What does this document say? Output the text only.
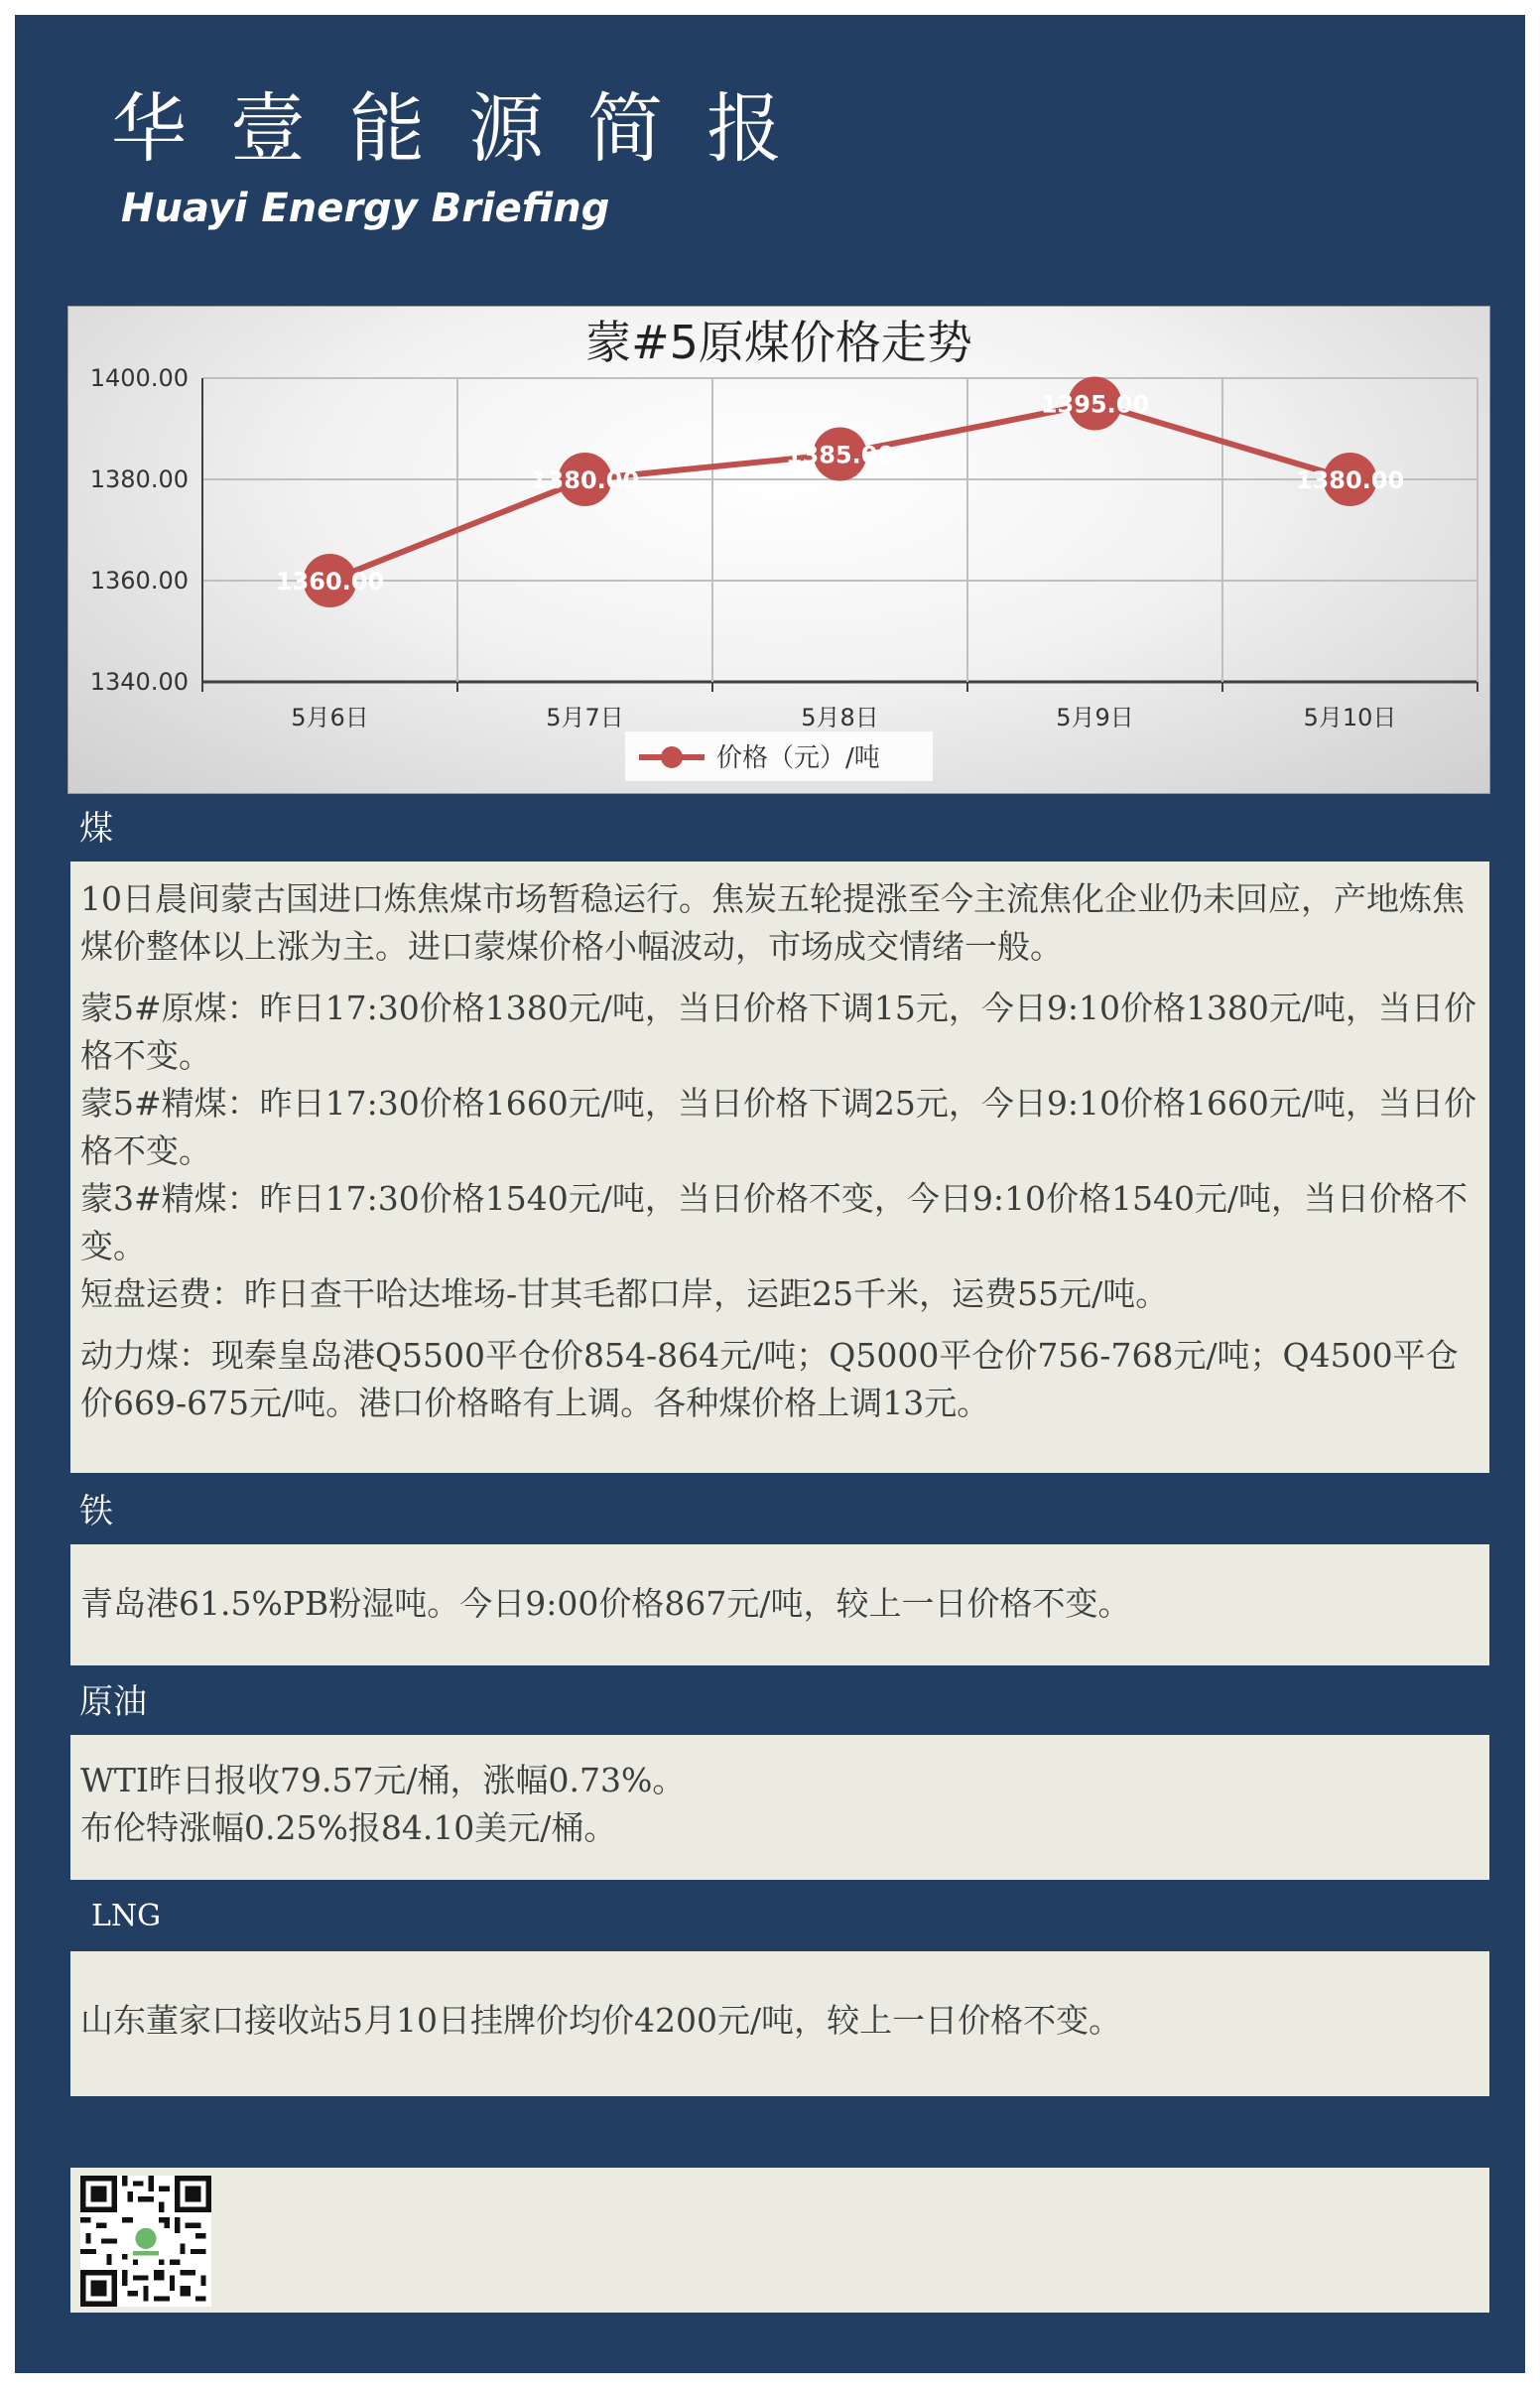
华壹能源简报
Huayi Energy Briefing
1340.00
1360.00
1380.00
1400.00
5月6日	5月7日	5月8日	5月9日	5月10日
蒙#5原煤价格走势
1360.00
1380.00
1385.00
1395.00
1380.00
价格（元）/吨
煤

10日晨间蒙古国进口炼焦煤市场暂稳运行。焦炭五轮提涨至今主流焦化企业仍未回应，产地炼焦煤价整体以上涨为主。进口蒙煤价格小幅波动，市场成交情绪一般。

蒙5#原煤：昨日17:30价格1380元/吨，当日价格下调15元，今日9:10价格1380元/吨，当日价格不变。

蒙5#精煤：昨日17:30价格1660元/吨，当日价格下调25元，今日9:10价格1660元/吨，当日价格不变。

蒙3#精煤：昨日17:30价格1540元/吨，当日价格不变，今日9:10价格1540元/吨，当日价格不变。

短盘运费：昨日查干哈达堆场-甘其毛都口岸，运距25千米，运费55元/吨。

动力煤：现秦皇岛港Q5500平仓价854-864元/吨；Q5000平仓价756-768元/吨；Q4500平仓价669-675元/吨。港口价格略有上调。各种煤价格上调13元。

铁

青岛港61.5%PB粉湿吨。今日9:00价格867元/吨，较上一日价格不变。

原油

WTI昨日报收79.57元/桶，涨幅0.73%。

布伦特涨幅0.25%报84.10美元/桶。

LNG

山东董家口接收站5月10日挂牌价均价4200元/吨，较上一日价格不变。
